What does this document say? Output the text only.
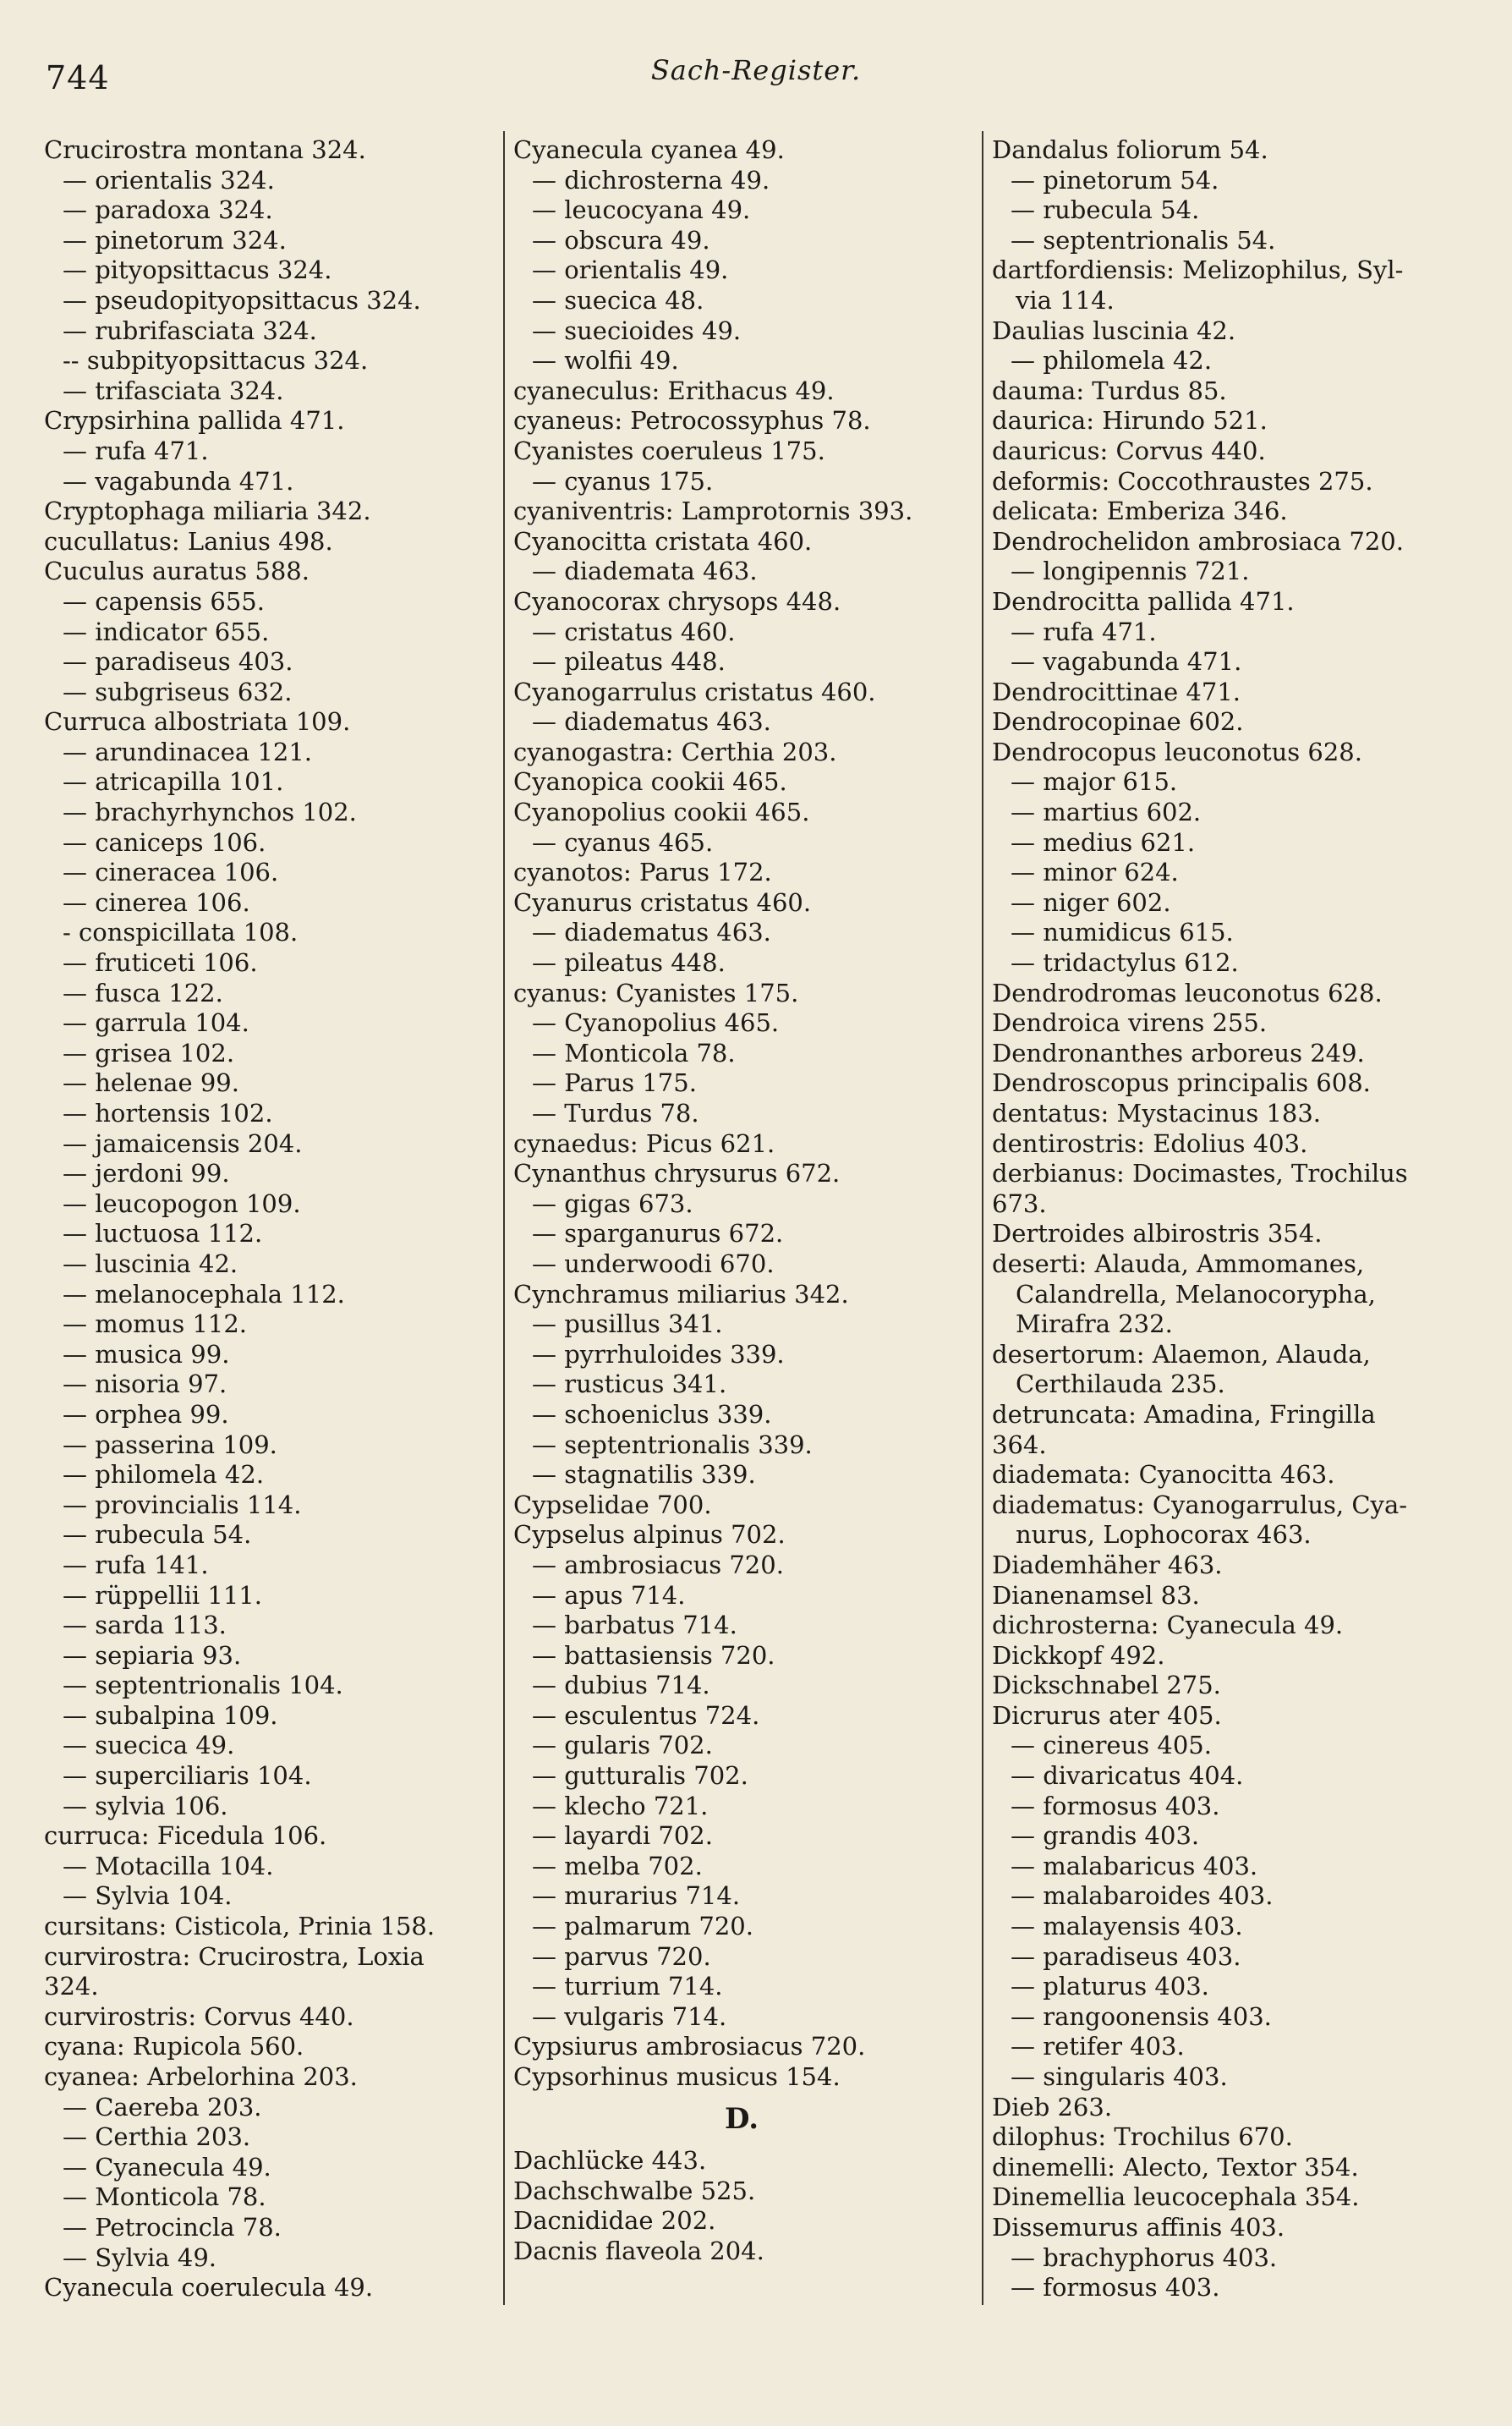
744	Sach-Register.
Crucirostra montana 324.
— orientalis 324.
— paradoxa 324.
— pinetorum 324.
— pityopsittacus 324.
— pseudopityopsittacus 324.
— rubrifasciata 324.
-- subpityopsittacus 324.
— trifasciata 324.
Crypsirhina pallida 471.
— rufa 471.
— vagabunda 471.
Cryptophaga miliaria 342.
cucullatus: Lanius 498.
Cuculus auratus 588.
— capensis 655.
— indicator 655.
— paradiseus 403.
— subgriseus 632.
Curruca albostriata 109.
— arundinacea 121.
— atricapilla 101.
— brachyrhynchos 102.
— caniceps 106.
— cineracea 106.
— cinerea 106.
- conspicillata 108.
— fruticeti 106.
— fusca 122.
— garrula 104.
— grisea 102.
— helenae 99.
— hortensis 102.
— jamaicensis 204.
— jerdoni 99.
— leucopogon 109.
— luctuosa 112.
— luscinia 42.
— melanocephala 112.
— momus 112.
— musica 99.
— nisoria 97.
— orphea 99.
— passerina 109.
— philomela 42.
— provincialis 114.
— rubecula 54.
— rufa 141.
— rüppellii 111.
— sarda 113.
— sepiaria 93.
— septentrionalis 104.
— subalpina 109.
— suecica 49.
— superciliaris 104.
— sylvia 106.
curruca: Ficedula 106.
— Motacilla 104.
— Sylvia 104.
cursitans: Cisticola, Prinia 158.
curvirostra: Crucirostra, Loxia
324.
curvirostris: Corvus 440.
cyana: Rupicola 560.
cyanea: Arbelorhina 203.
— Caereba 203.
— Certhia 203.
— Cyanecula 49.
— Monticola 78.
— Petrocincla 78.
— Sylvia 49.
Cyanecula coerulecula 49.
Cyanecula cyanea 49.
— dichrosterna 49.
— leucocyana 49.
— obscura 49.
— orientalis 49.
— suecica 48.
— suecioides 49.
— wolfii 49.
cyaneculus: Erithacus 49.
cyaneus: Petrocossyphus 78.
Cyanistes coeruleus 175.
— cyanus 175.
cyaniventris: Lamprotornis 393.
Cyanocitta cristata 460.
— diademata 463.
Cyanocorax chrysops 448.
— cristatus 460.
— pileatus 448.
Cyanogarrulus cristatus 460.
— diadematus 463.
cyanogastra: Certhia 203.
Cyanopica cookii 465.
Cyanopolius cookii 465.
— cyanus 465.
cyanotos: Parus 172.
Cyanurus cristatus 460.
— diadematus 463.
— pileatus 448.
cyanus: Cyanistes 175.
— Cyanopolius 465.
— Monticola 78.
— Parus 175.
— Turdus 78.
cynaedus: Picus 621.
Cynanthus chrysurus 672.
— gigas 673.
— sparganurus 672.
— underwoodi 670.
Cynchramus miliarius 342.
— pusillus 341.
— pyrrhuloides 339.
— rusticus 341.
— schoeniclus 339.
— septentrionalis 339.
— stagnatilis 339.
Cypselidae 700.
Cypselus alpinus 702.
— ambrosiacus 720.
— apus 714.
— barbatus 714.
— battasiensis 720.
— dubius 714.
— esculentus 724.
— gularis 702.
— gutturalis 702.
— klecho 721.
— layardi 702.
— melba 702.
— murarius 714.
— palmarum 720.
— parvus 720.
— turrium 714.
— vulgaris 714.
Cypsiurus ambrosiacus 720.
Cypsorhinus musicus 154.
D.
Dachlücke 443.
Dachschwalbe 525.
Dacnididae 202.
Dacnis flaveola 204.
Dandalus foliorum 54.
— pinetorum 54.
— rubecula 54.
— septentrionalis 54.
dartfordiensis: Melizophilus, Syl-
via 114.
Daulias luscinia 42.
— philomela 42.
dauma: Turdus 85.
daurica: Hirundo 521.
dauricus: Corvus 440.
deformis: Coccothraustes 275.
delicata: Emberiza 346.
Dendrochelidon ambrosiaca 720.
— longipennis 721.
Dendrocitta pallida 471.
— rufa 471.
— vagabunda 471.
Dendrocittinae 471.
Dendrocopinae 602.
Dendrocopus leuconotus 628.
— major 615.
— martius 602.
— medius 621.
— minor 624.
— niger 602.
— numidicus 615.
— tridactylus 612.
Dendrodromas leuconotus 628.
Dendroica virens 255.
Dendronanthes arboreus 249.
Dendroscopus principalis 608.
dentatus: Mystacinus 183.
dentirostris: Edolius 403.
derbianus: Docimastes, Trochilus
673.
Dertroides albirostris 354.
deserti: Alauda, Ammomanes,
Calandrella, Melanocorypha,
Mirafra 232.
desertorum: Alaemon, Alauda,
Certhilauda 235.
detruncata: Amadina, Fringilla
364.
diademata: Cyanocitta 463.
diadematus: Cyanogarrulus, Cya-
nurus, Lophocorax 463.
Diademhäher 463.
Dianenamsel 83.
dichrosterna: Cyanecula 49.
Dickkopf 492.
Dickschnabel 275.
Dicrurus ater 405.
— cinereus 405.
— divaricatus 404.
— formosus 403.
— grandis 403.
— malabaricus 403.
— malabaroides 403.
— malayensis 403.
— paradiseus 403.
— platurus 403.
— rangoonensis 403.
— retifer 403.
— singularis 403.
Dieb 263.
dilophus: Trochilus 670.
dinemelli: Alecto, Textor 354.
Dinemellia leucocephala 354.
Dissemurus affinis 403.
— brachyphorus 403.
— formosus 403.
